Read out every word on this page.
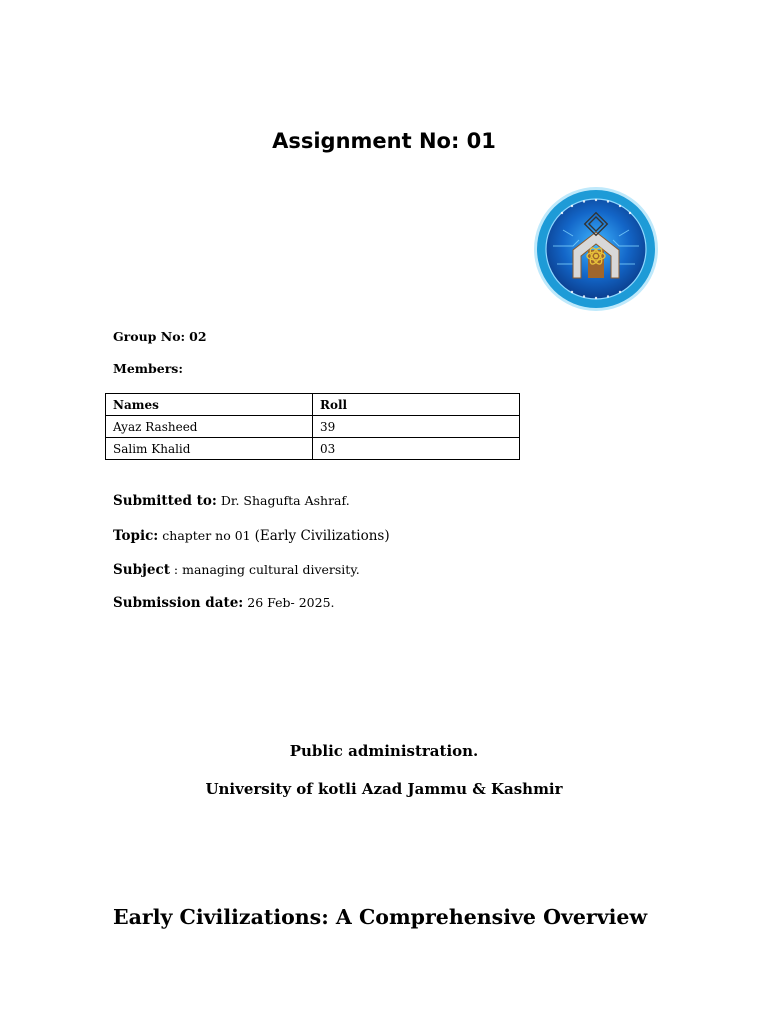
Assignment No: 01
Group No: 02
Members:
Names	Roll
Ayaz Rasheed	39
Salim Khalid	03
Submitted to: Dr. Shagufta Ashraf.
Topic: chapter no 01 (Early Civilizations)
Subject : managing cultural diversity.
Submission date: 26 Feb- 2025.
Public administration.
University of kotli Azad Jammu & Kashmir
Early Civilizations: A Comprehensive Overview
